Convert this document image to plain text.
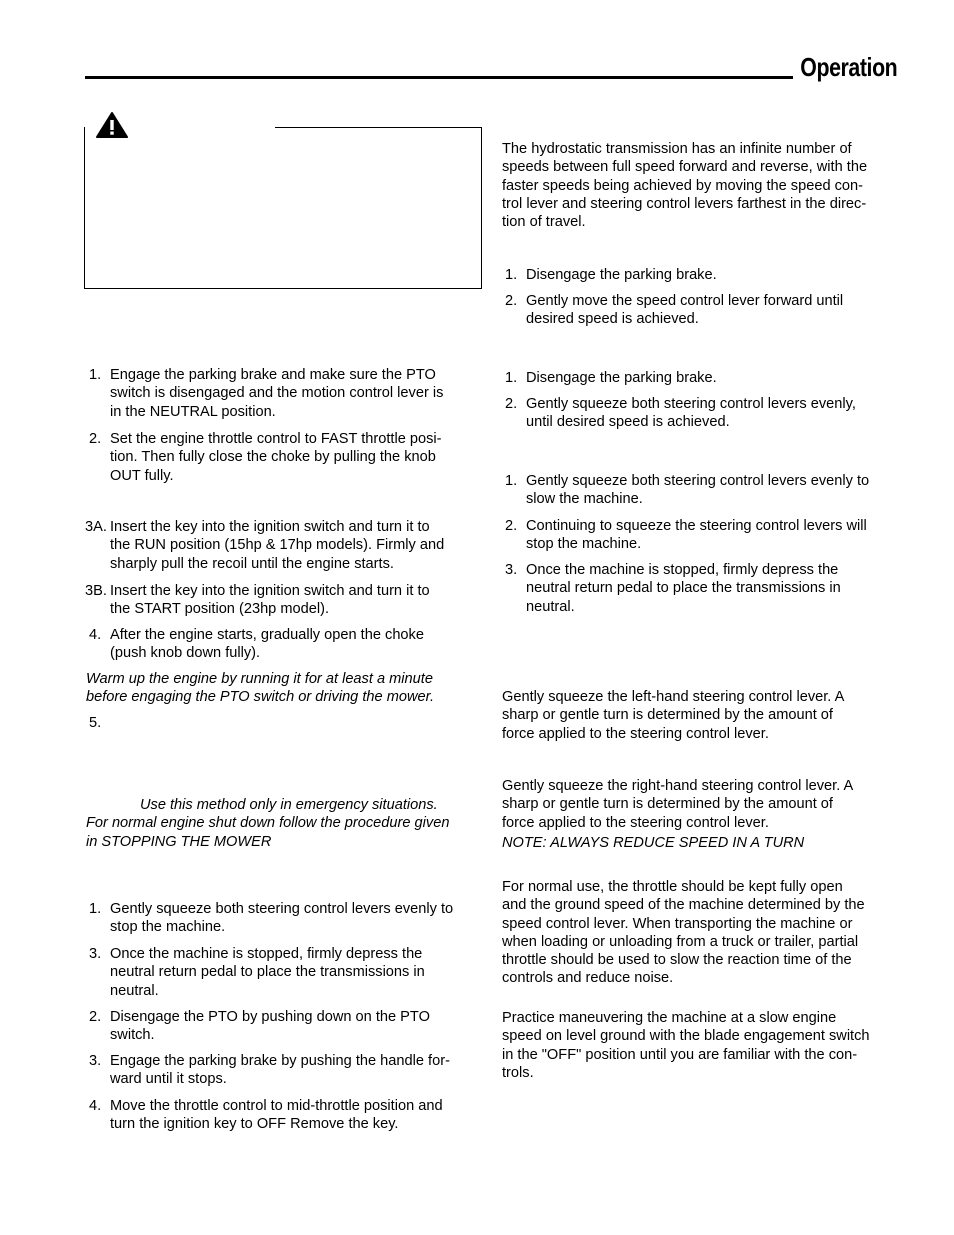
Operation
1. Engage the parking brake and make sure the PTO
switch is disengaged and the motion control lever is
in the NEUTRAL position.
2. Set the engine throttle control to FAST throttle posi-
tion. Then fully close the choke by pulling the knob
OUT fully.
3A. Insert the key into the ignition switch and turn it to
the RUN position (15hp & 17hp models). Firmly and
sharply pull the recoil until the engine starts.
3B. Insert the key into the ignition switch and turn it to
the START position (23hp model).
4. After the engine starts, gradually open the choke
(push knob down fully).
Warm up the engine by running it for at least a minute
before engaging the PTO switch or driving the mower.
5.
Use this method only in emergency situations.
For normal engine shut down follow the procedure given
in STOPPING THE MOWER
1. Gently squeeze both steering control levers evenly to
stop the machine.
3. Once the machine is stopped, firmly depress the
neutral return pedal to place the transmissions in
neutral.
2. Disengage the PTO by pushing down on the PTO
switch.
3. Engage the parking brake by pushing the handle for-
ward until it stops.
4. Move the throttle control to mid-throttle position and
turn the ignition key to OFF Remove the key.
The hydrostatic transmission has an infinite number of
speeds between full speed forward and reverse, with the
faster speeds being achieved by moving the speed con-
trol lever and steering control levers farthest in the direc-
tion of travel.
1. Disengage the parking brake.
2. Gently move the speed control lever forward until
desired speed is achieved.
1. Disengage the parking brake.
2. Gently squeeze both steering control levers evenly,
until desired speed is achieved.
1. Gently squeeze both steering control levers evenly to
slow the machine.
2. Continuing to squeeze the steering control levers will
stop the machine.
3. Once the machine is stopped, firmly depress the
neutral return pedal to place the transmissions in
neutral.
Gently squeeze the left-hand steering control lever. A
sharp or gentle turn is determined by the amount of
force applied to the steering control lever.
Gently squeeze the right-hand steering control lever. A
sharp or gentle turn is determined by the amount of
force applied to the steering control lever.
NOTE: ALWAYS REDUCE SPEED IN A TURN
For normal use, the throttle should be kept fully open
and the ground speed of the machine determined by the
speed control lever. When transporting the machine or
when loading or unloading from a truck or trailer, partial
throttle should be used to slow the reaction time of the
controls and reduce noise.
Practice maneuvering the machine at a slow engine
speed on level ground with the blade engagement switch
in the "OFF" position until you are familiar with the con-
trols.
